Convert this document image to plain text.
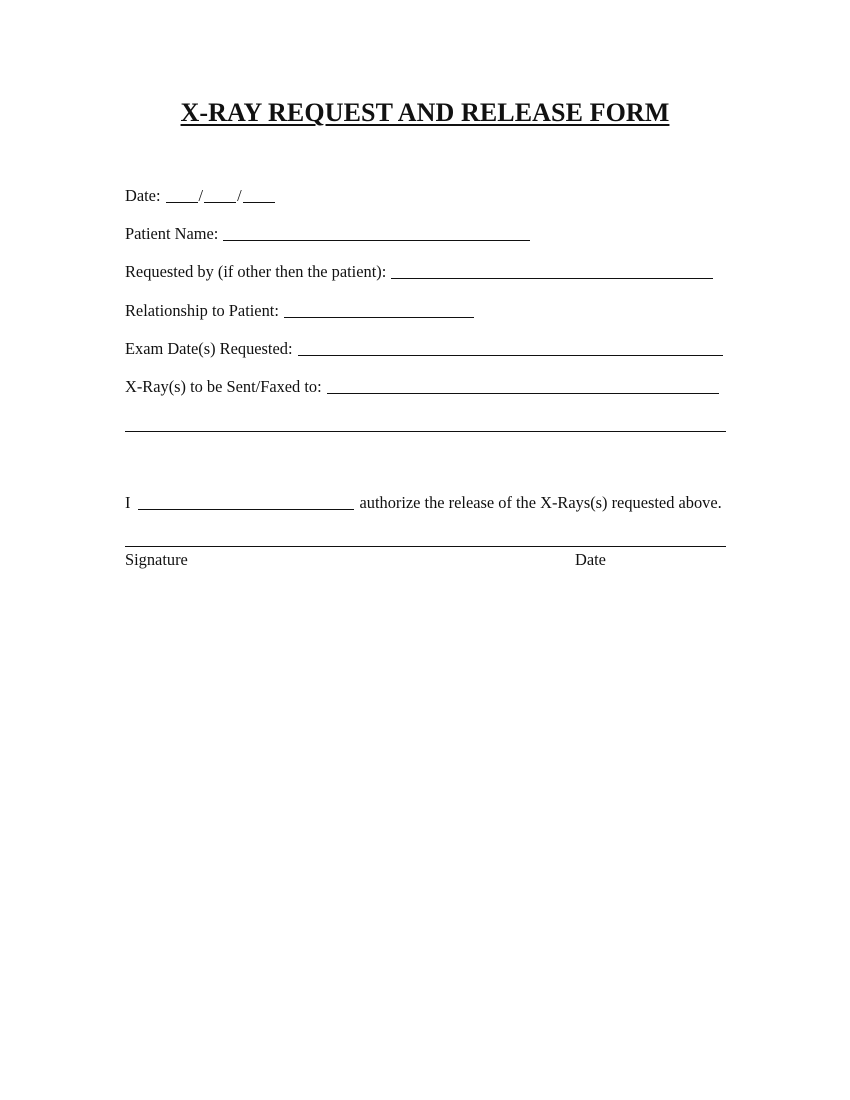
X-RAY REQUEST AND RELEASE FORM
Date: / /
Patient Name:
Requested by (if other then the patient):
Relationship to Patient:
Exam Date(s) Requested:
X-Ray(s) to be Sent/Faxed to:
I	authorize the release of the X-Rays(s) requested above.
Signature	Date
